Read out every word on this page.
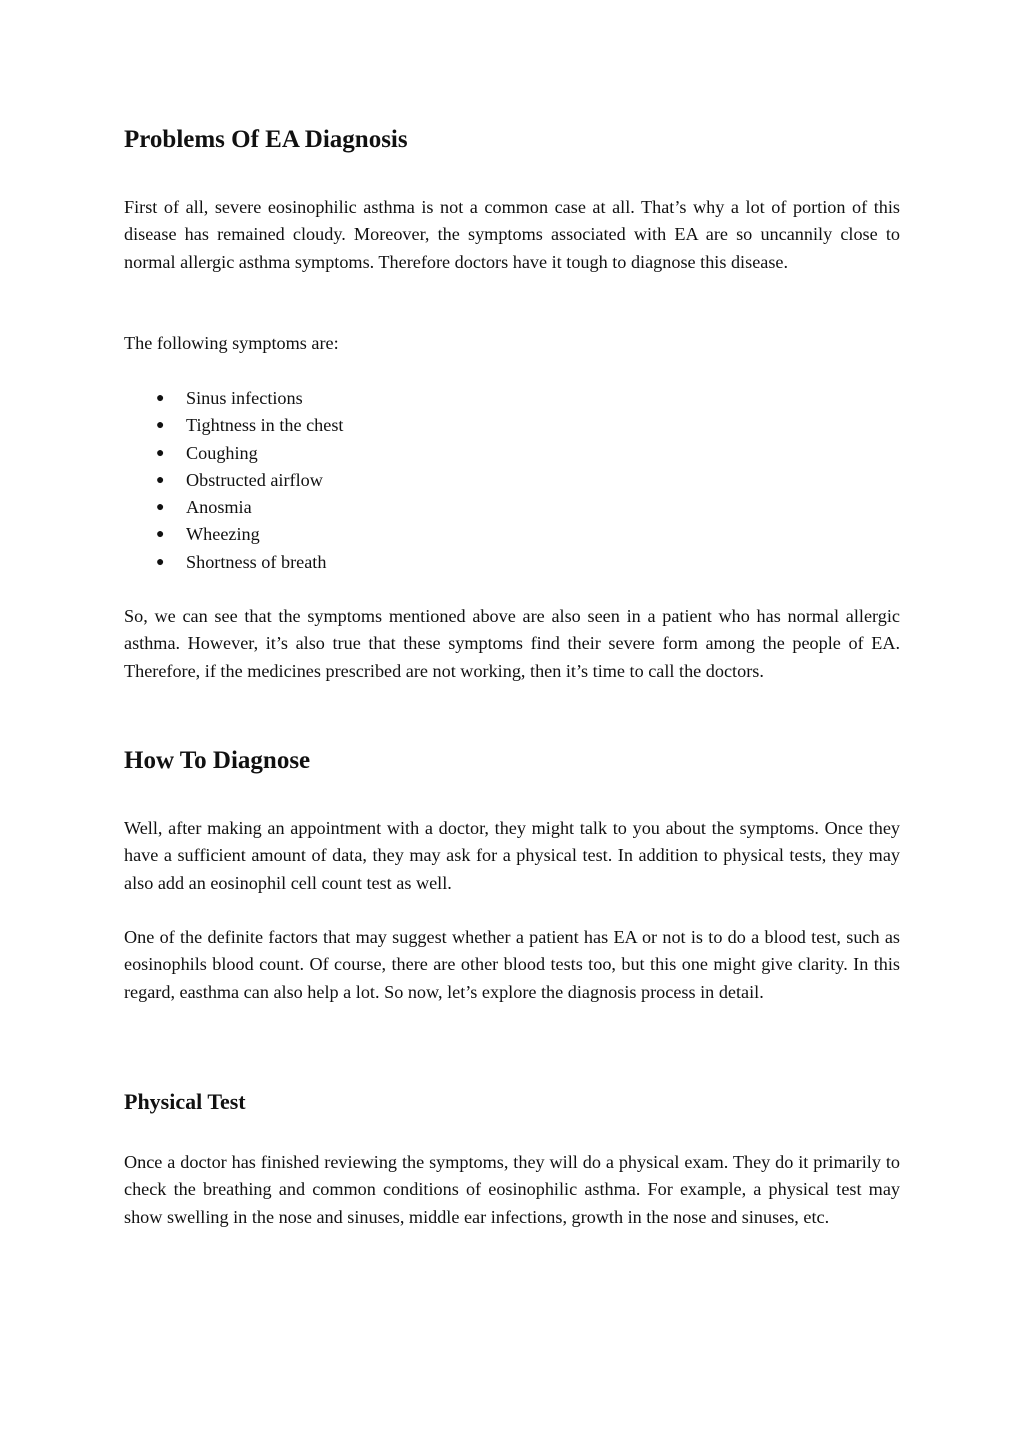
Problems Of EA Diagnosis

First of all, severe eosinophilic asthma is not a common case at all. That’s why a lot of portion of this disease has remained cloudy. Moreover, the symptoms associated with EA are so uncannily close to normal allergic asthma symptoms. Therefore doctors have it tough to diagnose this disease.

The following symptoms are:

● Sinus infections
● Tightness in the chest
● Coughing
● Obstructed airflow
● Anosmia
● Wheezing
● Shortness of breath

So, we can see that the symptoms mentioned above are also seen in a patient who has normal allergic asthma. However, it’s also true that these symptoms find their severe form among the people of EA. Therefore, if the medicines prescribed are not working, then it’s time to call the doctors.

How To Diagnose

Well, after making an appointment with a doctor, they might talk to you about the symptoms. Once they have a sufficient amount of data, they may ask for a physical test. In addition to physical tests, they may also add an eosinophil cell count test as well.

One of the definite factors that may suggest whether a patient has EA or not is to do a blood test, such as eosinophils blood count. Of course, there are other blood tests too, but this one might give clarity. In this regard, easthma can also help a lot. So now, let’s explore the diagnosis process in detail.

Physical Test

Once a doctor has finished reviewing the symptoms, they will do a physical exam. They do it primarily to check the breathing and common conditions of eosinophilic asthma. For example, a physical test may show swelling in the nose and sinuses, middle ear infections, growth in the nose and sinuses, etc.
